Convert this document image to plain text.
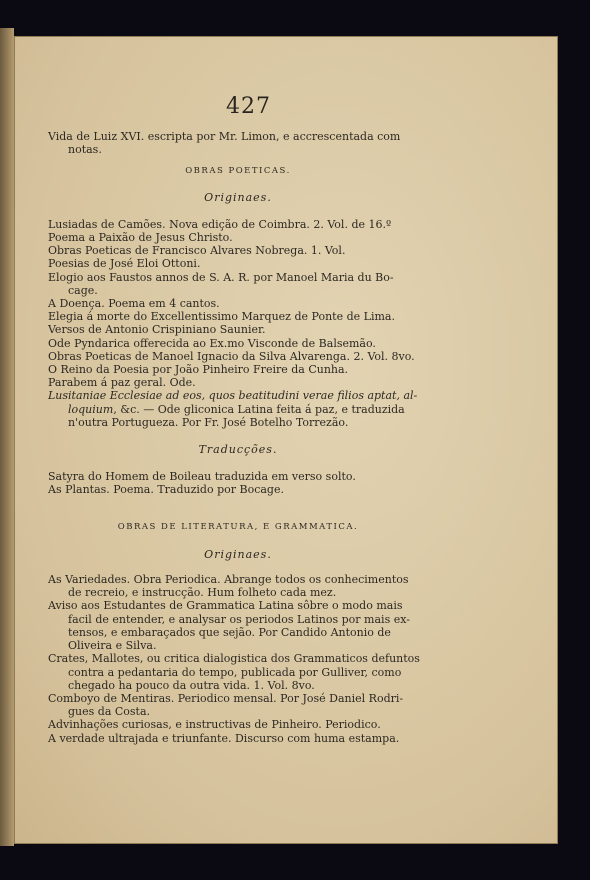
427
Vida de Luiz XVI. escripta por Mr. Limon, e accrescentada com
notas.
OBRAS POETICAS.
Originaes.
Lusiadas de Camões. Nova edição de Coimbra. 2. Vol. de 16.º
Poema a Paixão de Jesus Christo.
Obras Poeticas de Francisco Alvares Nobrega. 1. Vol.
Poesias de José Eloi Ottoni.
Elogio aos Faustos annos de S. A. R. por Manoel Maria du Bo-
cage.
A Doença. Poema em 4 cantos.
Elegia á morte do Excellentissimo Marquez de Ponte de Lima.
Versos de Antonio Crispiniano Saunier.
Ode Pyndarica offerecida ao Ex.mo Visconde de Balsemão.
Obras Poeticas de Manoel Ignacio da Silva Alvarenga. 2. Vol. 8vo.
O Reino da Poesia por João Pinheiro Freire da Cunha.
Parabem á paz geral. Ode.
Lusitaniae Ecclesiae ad eos, quos beatitudini verae filios aptat, al-
loquium, &c. — Ode gliconica Latina feita á paz, e traduzida
n'outra Portugueza. Por Fr. José Botelho Torrezão.
Traducções.
Satyra do Homem de Boileau traduzida em verso solto.
As Plantas. Poema. Traduzido por Bocage.
OBRAS DE LITERATURA, E GRAMMATICA.
Originaes.
As Variedades. Obra Periodica. Abrange todos os conhecimentos
de recreio, e instrucção. Hum folheto cada mez.
Aviso aos Estudantes de Grammatica Latina sôbre o modo mais
facil de entender, e analysar os periodos Latinos por mais ex-
tensos, e embaraçados que sejão. Por Candido Antonio de
Oliveira e Silva.
Crates, Mallotes, ou critica dialogistica dos Grammaticos defuntos
contra a pedantaria do tempo, publicada por Gulliver, como
chegado ha pouco da outra vida. 1. Vol. 8vo.
Comboyo de Mentiras. Periodico mensal. Por José Daniel Rodri-
gues da Costa.
Advinhações curiosas, e instructivas de Pinheiro. Periodico.
A verdade ultrajada e triunfante. Discurso com huma estampa.
